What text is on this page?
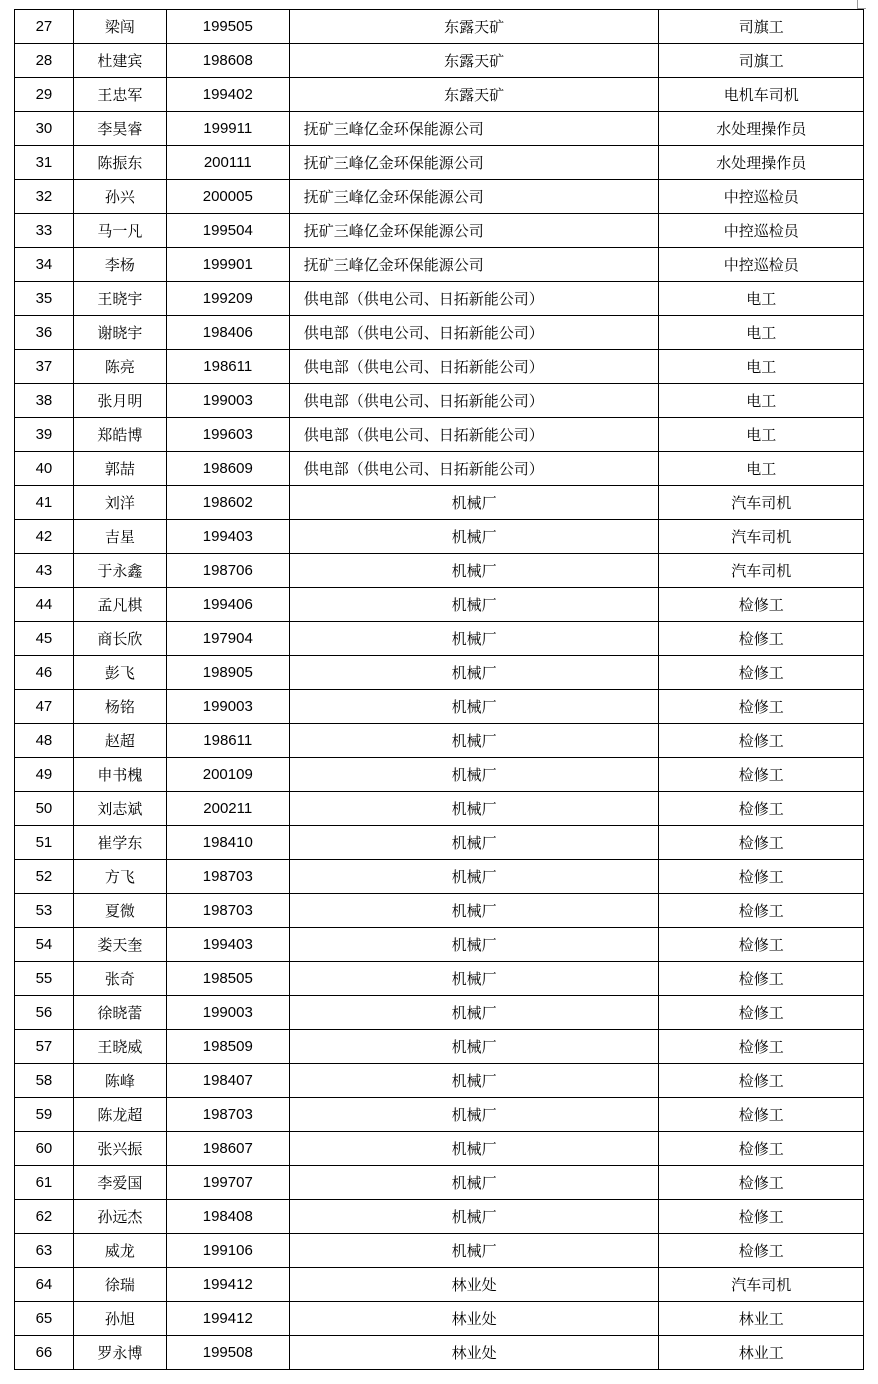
27	梁闯	199505	东露天矿	司旗工
28	杜建宾	198608	东露天矿	司旗工
29	王忠军	199402	东露天矿	电机车司机
30	李昊睿	199911	抚矿三峰亿金环保能源公司	水处理操作员
31	陈振东	200111	抚矿三峰亿金环保能源公司	水处理操作员
32	孙兴	200005	抚矿三峰亿金环保能源公司	中控巡检员
33	马一凡	199504	抚矿三峰亿金环保能源公司	中控巡检员
34	李杨	199901	抚矿三峰亿金环保能源公司	中控巡检员
35	王晓宇	199209	供电部（供电公司、日拓新能公司）	电工
36	谢晓宇	198406	供电部（供电公司、日拓新能公司）	电工
37	陈亮	198611	供电部（供电公司、日拓新能公司）	电工
38	张月明	199003	供电部（供电公司、日拓新能公司）	电工
39	郑皓博	199603	供电部（供电公司、日拓新能公司）	电工
40	郭喆	198609	供电部（供电公司、日拓新能公司）	电工
41	刘洋	198602	机械厂	汽车司机
42	吉星	199403	机械厂	汽车司机
43	于永鑫	198706	机械厂	汽车司机
44	孟凡棋	199406	机械厂	检修工
45	商长欣	197904	机械厂	检修工
46	彭飞	198905	机械厂	检修工
47	杨铭	199003	机械厂	检修工
48	赵超	198611	机械厂	检修工
49	申书槐	200109	机械厂	检修工
50	刘志斌	200211	机械厂	检修工
51	崔学东	198410	机械厂	检修工
52	方飞	198703	机械厂	检修工
53	夏微	198703	机械厂	检修工
54	娄天奎	199403	机械厂	检修工
55	张奇	198505	机械厂	检修工
56	徐晓蕾	199003	机械厂	检修工
57	王晓威	198509	机械厂	检修工
58	陈峰	198407	机械厂	检修工
59	陈龙超	198703	机械厂	检修工
60	张兴振	198607	机械厂	检修工
61	李爱国	199707	机械厂	检修工
62	孙远杰	198408	机械厂	检修工
63	威龙	199106	机械厂	检修工
64	徐瑞	199412	林业处	汽车司机
65	孙旭	199412	林业处	林业工
66	罗永博	199508	林业处	林业工
